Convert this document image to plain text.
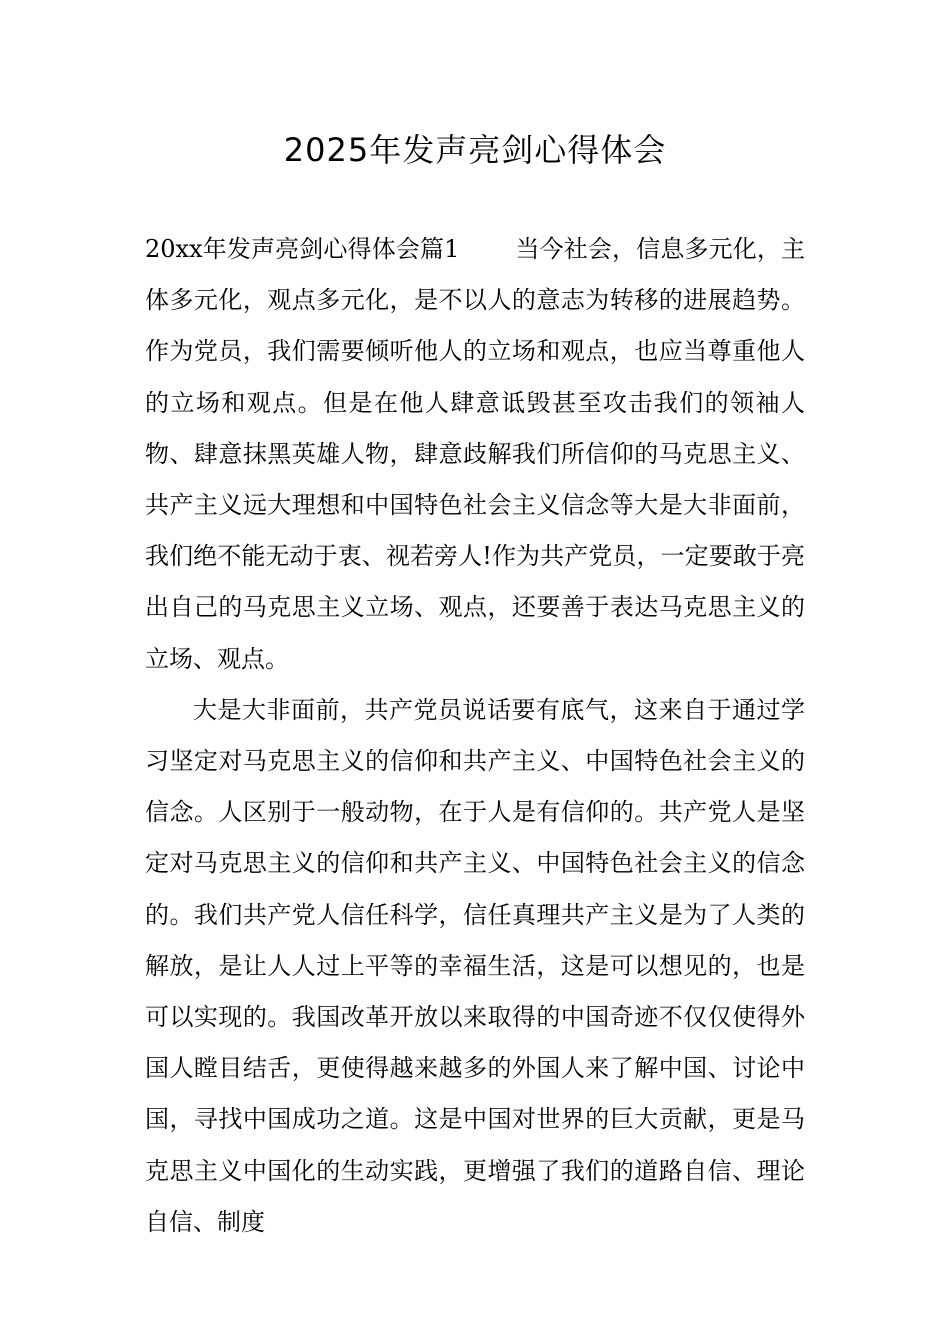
2025年发声亮剑心得体会

20xx年发声亮剑心得体会篇1 当今社会，信息多元化，主体多元化，观点多元化，是不以人的意志为转移的进展趋势。作为党员，我们需要倾听他人的立场和观点，也应当尊重他人的立场和观点。但是在他人肆意诋毁甚至攻击我们的领袖人物、肆意抹黑英雄人物，肆意歧解我们所信仰的马克思主义、共产主义远大理想和中国特色社会主义信念等大是大非面前，我们绝不能无动于衷、视若旁人!作为共产党员，一定要敢于亮出自己的马克思主义立场、观点，还要善于表达马克思主义的立场、观点。

大是大非面前，共产党员说话要有底气，这来自于通过学习坚定对马克思主义的信仰和共产主义、中国特色社会主义的信念。人区别于一般动物，在于人是有信仰的。共产党人是坚定对马克思主义的信仰和共产主义、中国特色社会主义的信念的。我们共产党人信任科学，信任真理共产主义是为了人类的解放，是让人人过上平等的幸福生活，这是可以想见的，也是可以实现的。我国改革开放以来取得的中国奇迹不仅仅使得外国人瞠目结舌，更使得越来越多的外国人来了解中国、讨论中国，寻找中国成功之道。这是中国对世界的巨大贡献，更是马克思主义中国化的生动实践，更增强了我们的道路自信、理论自信、制度
